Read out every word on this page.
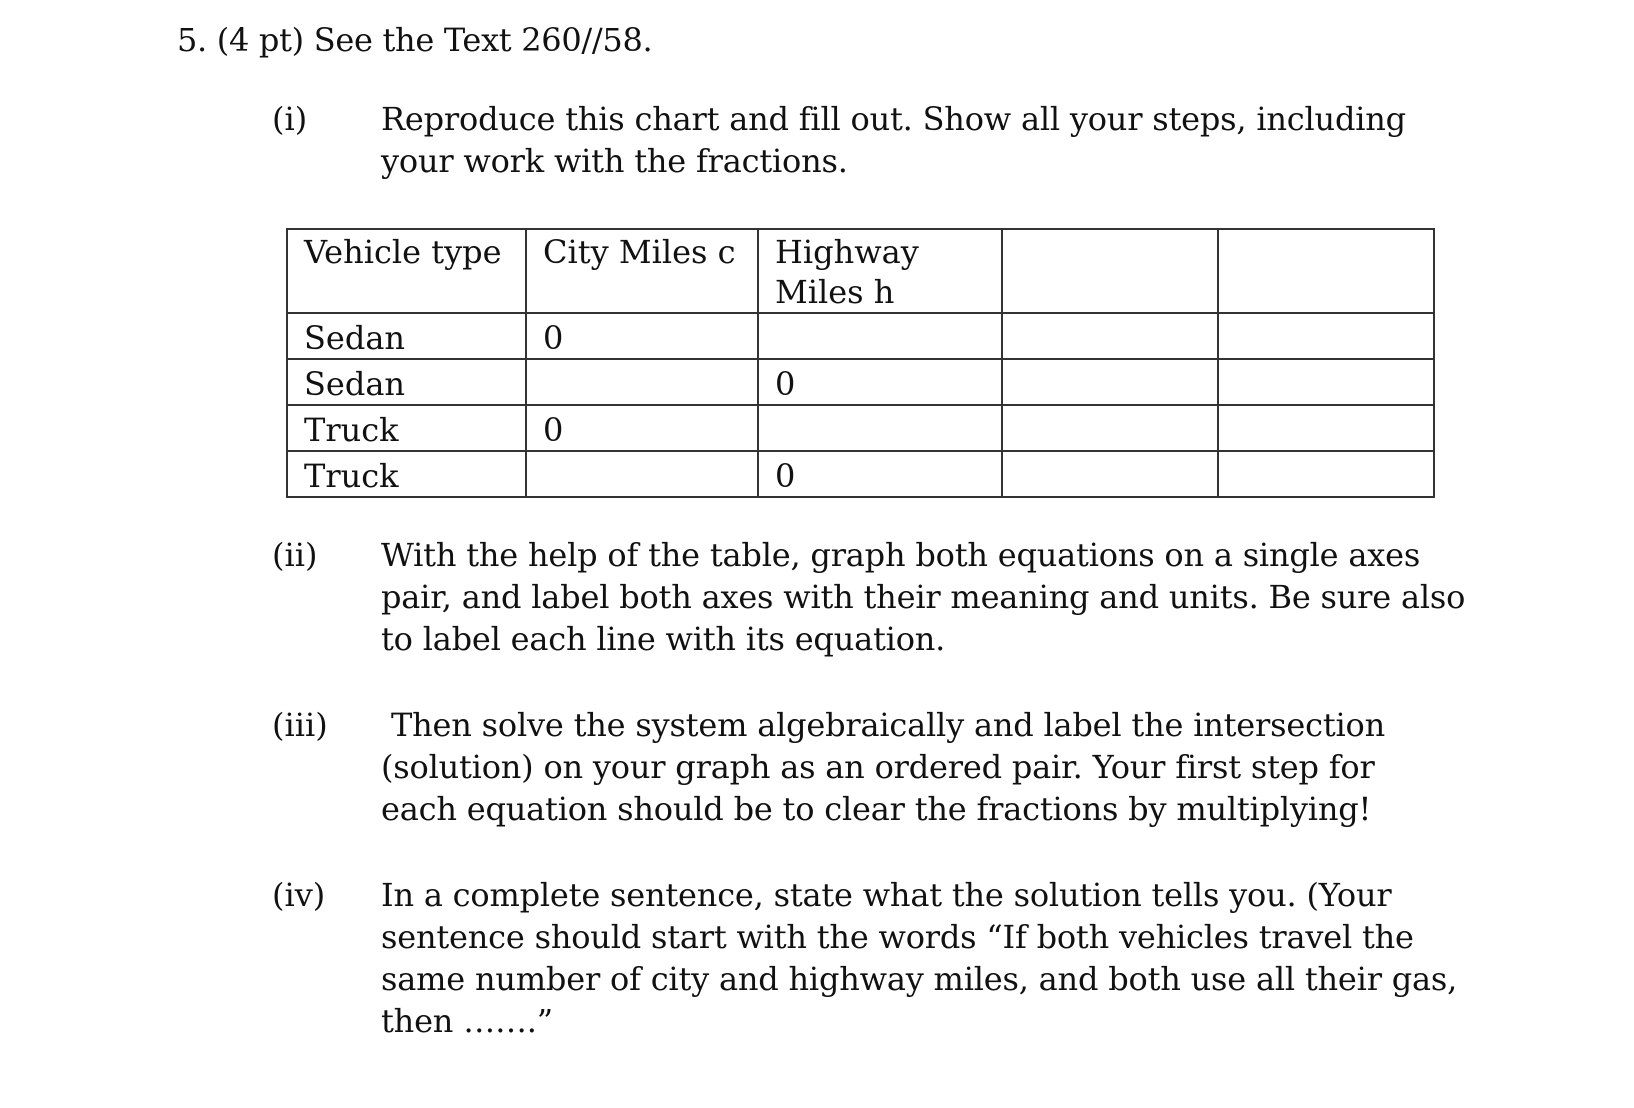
5. (4 pt) See the Text 260//58.
(i) Reproduce this chart and fill out. Show all your steps, including
your work with the fractions.
Vehicle type	City Miles c	Highway
Miles h		

Sedan	0			
Sedan		0		
Truck	0			
Truck		0		
(ii) With the help of the table, graph both equations on a single axes
pair, and label both axes with their meaning and units. Be sure also
to label each line with its equation.
(iii)	Then solve the system algebraically and label the intersection
(solution) on your graph as an ordered pair. Your first step for
each equation should be to clear the fractions by multiplying!
(iv) In a complete sentence, state what the solution tells you. (Your
sentence should start with the words “If both vehicles travel the
same number of city and highway miles, and both use all their gas,
then …….”
